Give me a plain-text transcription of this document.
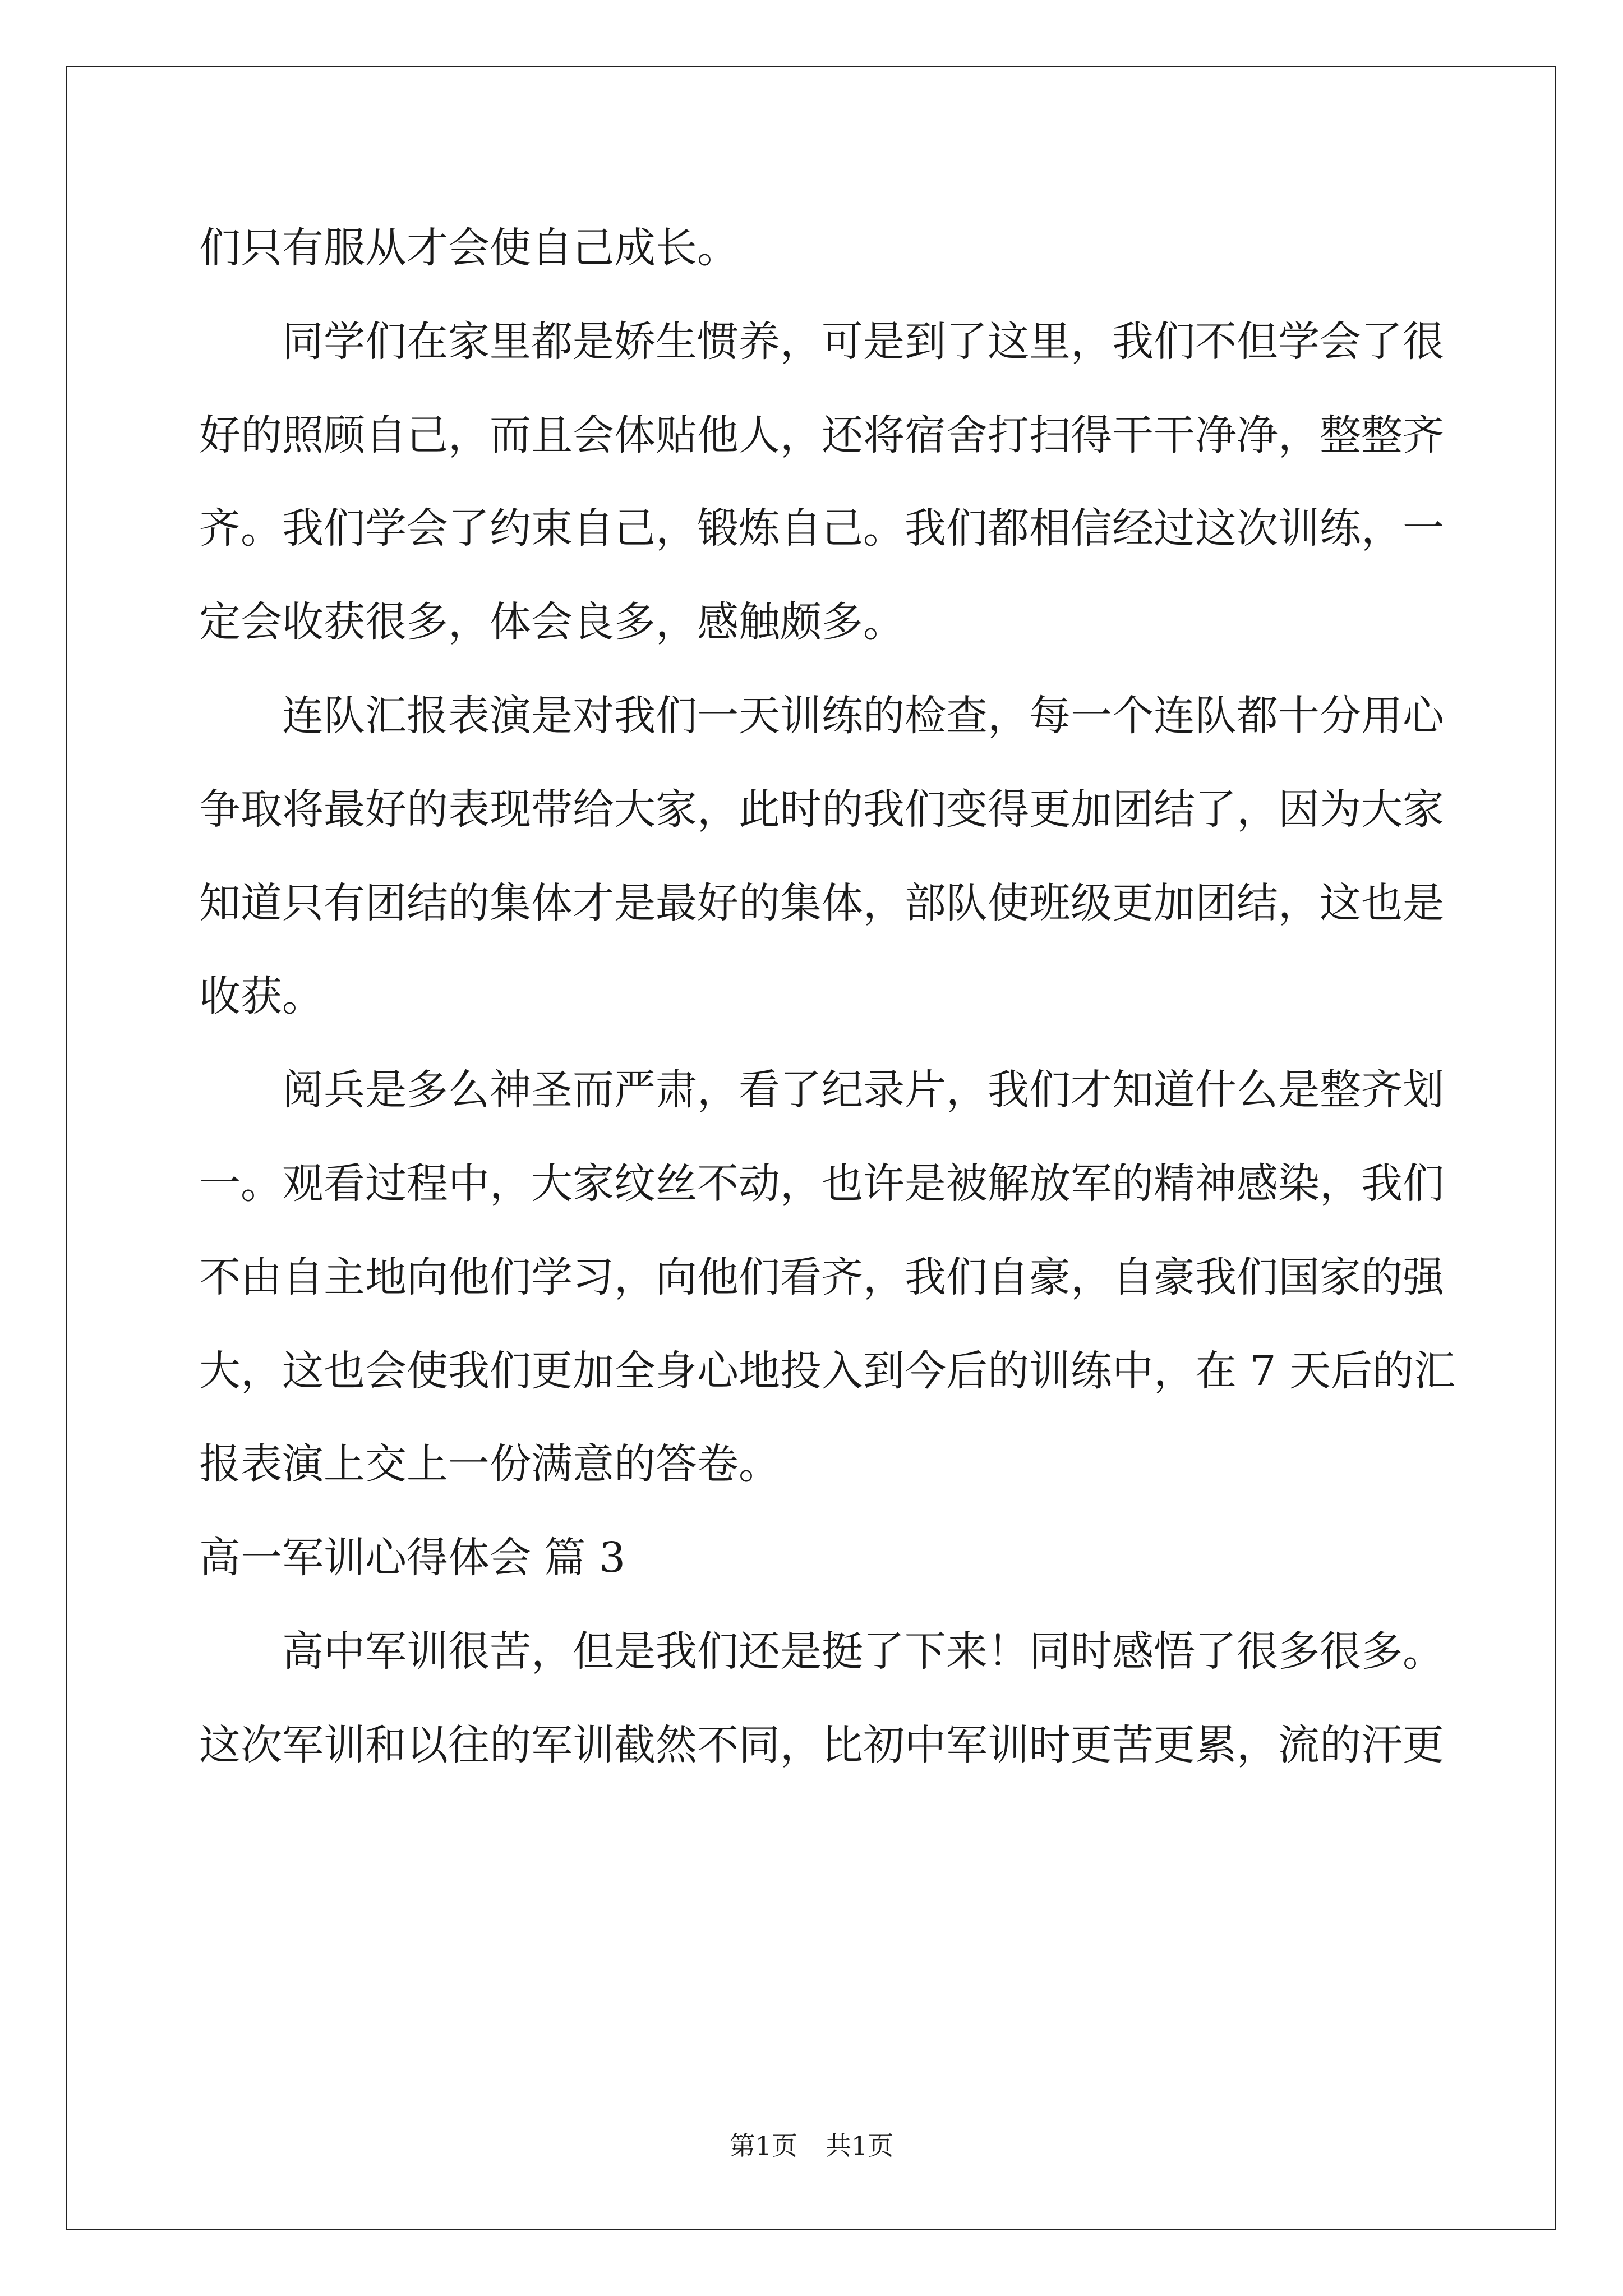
们只有服从才会使自己成长。
同学们在家里都是娇生惯养，可是到了这里，我们不但学会了很
好的照顾自己，而且会体贴他人，还将宿舍打扫得干干净净，整整齐
齐。我们学会了约束自己，锻炼自己。我们都相信经过这次训练，一
定会收获很多，体会良多，感触颇多。
连队汇报表演是对我们一天训练的检查，每一个连队都十分用心
争取将最好的表现带给大家，此时的我们变得更加团结了，因为大家
知道只有团结的集体才是最好的集体，部队使班级更加团结，这也是
收获。
阅兵是多么神圣而严肃，看了纪录片，我们才知道什么是整齐划
一。观看过程中，大家纹丝不动，也许是被解放军的精神感染，我们
不由自主地向他们学习，向他们看齐，我们自豪，自豪我们国家的强
大，这也会使我们更加全身心地投入到今后的训练中，在 7 天后的汇
报表演上交上一份满意的答卷。
高一军训心得体会 篇 3
高中军训很苦，但是我们还是挺了下来！同时感悟了很多很多。
这次军训和以往的军训截然不同，比初中军训时更苦更累，流的汗更
第1页 共1页
